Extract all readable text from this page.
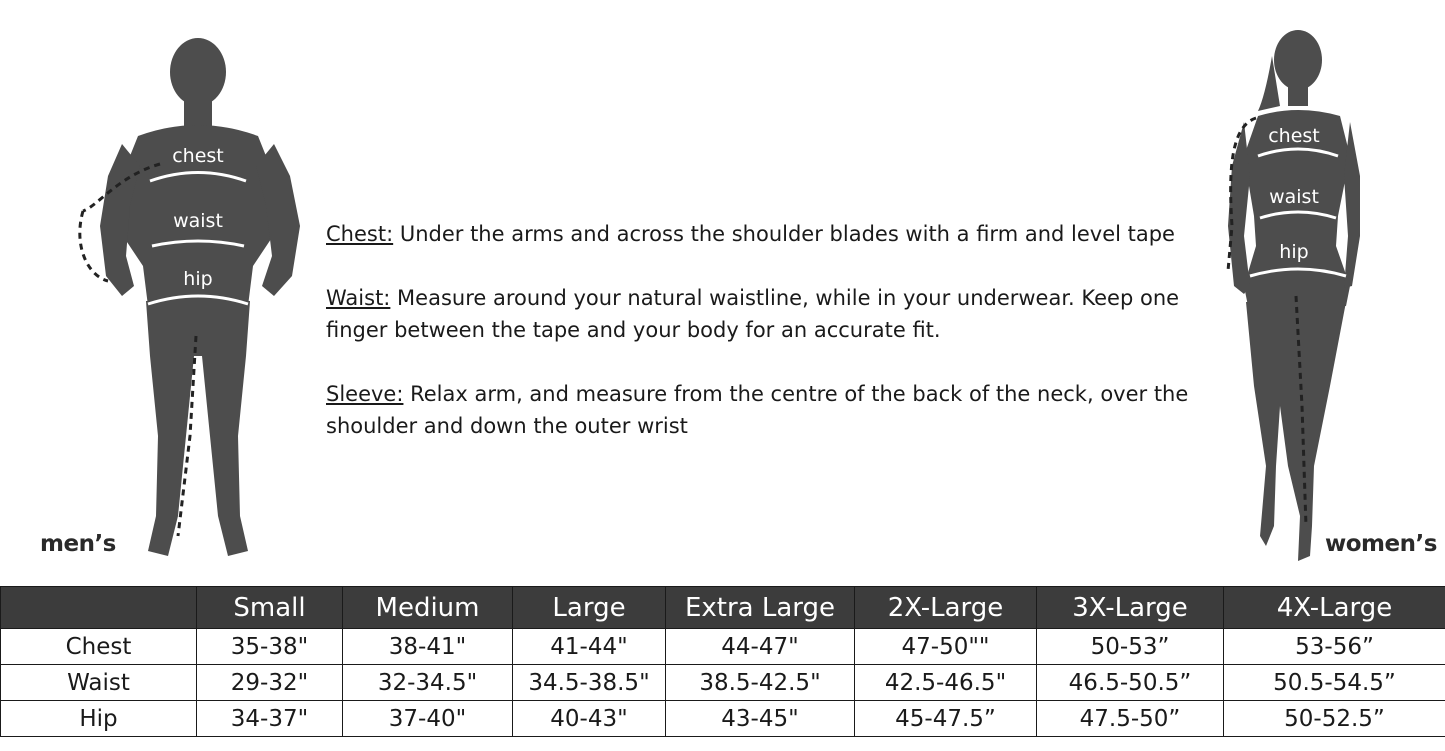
chest
waist
hip
men’s
chest
waist
hip
women’s

Chest: Under the arms and across the shoulder blades with a firm and level tape

Waist: Measure around your natural waistline, while in your underwear. Keep one finger between the tape and your body for an accurate fit.

Sleeve: Relax arm, and measure from the centre of the back of the neck, over the shoulder and down the outer wrist

	Small	Medium	Large	Extra Large	2X-Large	3X-Large	4X-Large
Chest	35-38"	38-41"	41-44"	44-47"	47-50""	50-53”	53-56”
Waist	29-32"	32-34.5"	34.5-38.5"	38.5-42.5"	42.5-46.5"	46.5-50.5”	50.5-54.5”
Hip	34-37"	37-40"	40-43"	43-45"	45-47.5”	47.5-50”	50-52.5”
